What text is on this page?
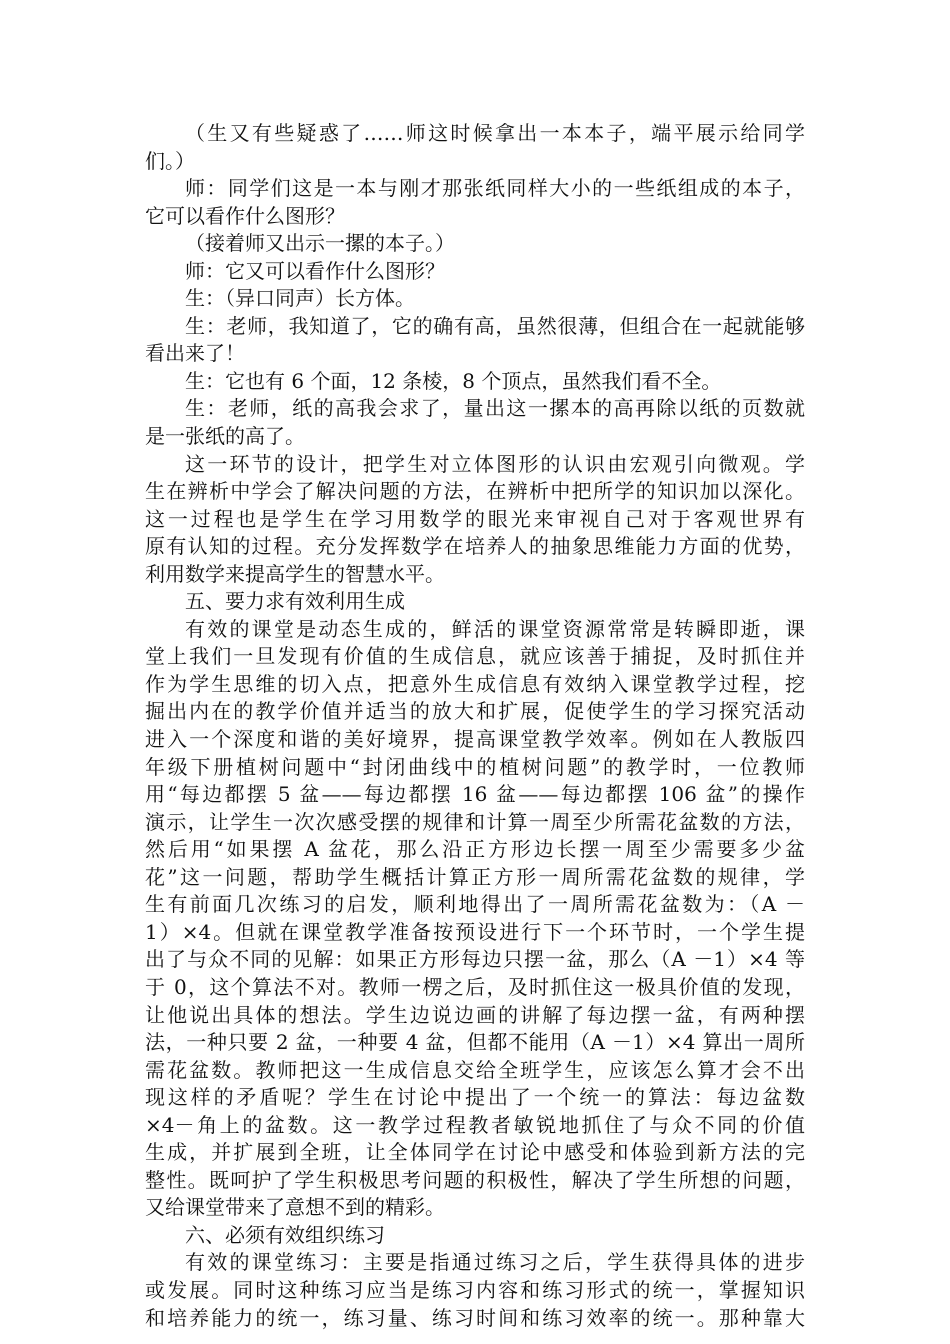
（生又有些疑惑了……师这时候拿出一本本子，端平展示给同学
们。）
师：同学们这是一本与刚才那张纸同样大小的一些纸组成的本子，
它可以看作什么图形？
（接着师又出示一摞的本子。）
师：它又可以看作什么图形？
生：（异口同声）长方体。
生：老师，我知道了，它的确有高，虽然很薄，但组合在一起就能够
看出来了！
生：它也有 6 个面，12 条棱，8 个顶点，虽然我们看不全。
生：老师，纸的高我会求了，量出这一摞本的高再除以纸的页数就
是一张纸的高了。
这一环节的设计，把学生对立体图形的认识由宏观引向微观。学
生在辨析中学会了解决问题的方法，在辨析中把所学的知识加以深化。
这一过程也是学生在学习用数学的眼光来审视自己对于客观世界有
原有认知的过程。充分发挥数学在培养人的抽象思维能力方面的优势，
利用数学来提高学生的智慧水平。
五、要力求有效利用生成
有效的课堂是动态生成的，鲜活的课堂资源常常是转瞬即逝，课
堂上我们一旦发现有价值的生成信息，就应该善于捕捉，及时抓住并
作为学生思维的切入点，把意外生成信息有效纳入课堂教学过程，挖
掘出内在的教学价值并适当的放大和扩展，促使学生的学习探究活动
进入一个深度和谐的美好境界，提高课堂教学效率。例如在人教版四
年级下册植树问题中“封闭曲线中的植树问题”的教学时，一位教师
用“每边都摆 5 盆——每边都摆 16 盆——每边都摆 106 盆”的操作
演示，让学生一次次感受摆的规律和计算一周至少所需花盆数的方法，
然后用“如果摆 A 盆花，那么沿正方形边长摆一周至少需要多少盆
花”这一问题，帮助学生概括计算正方形一周所需花盆数的规律，学
生有前面几次练习的启发，顺利地得出了一周所需花盆数为：（A －
1）×4。但就在课堂教学准备按预设进行下一个环节时，一个学生提
出了与众不同的见解：如果正方形每边只摆一盆，那么（A －1）×4 等
于 0，这个算法不对。教师一楞之后，及时抓住这一极具价值的发现，
让他说出具体的想法。学生边说边画的讲解了每边摆一盆，有两种摆
法，一种只要 2 盆，一种要 4 盆，但都不能用（A －1）×4 算出一周所
需花盆数。教师把这一生成信息交给全班学生，应该怎么算才会不出
现这样的矛盾呢？学生在讨论中提出了一个统一的算法：每边盆数
×4－角上的盆数。这一教学过程教者敏锐地抓住了与众不同的价值
生成，并扩展到全班，让全体同学在讨论中感受和体验到新方法的完
整性。既呵护了学生积极思考问题的积极性，解决了学生所想的问题，
又给课堂带来了意想不到的精彩。
六、必须有效组织练习
有效的课堂练习：主要是指通过练习之后，学生获得具体的进步
或发展。同时这种练习应当是练习内容和练习形式的统一，掌握知识
和培养能力的统一，练习量、练习时间和练习效率的统一。那种靠大
